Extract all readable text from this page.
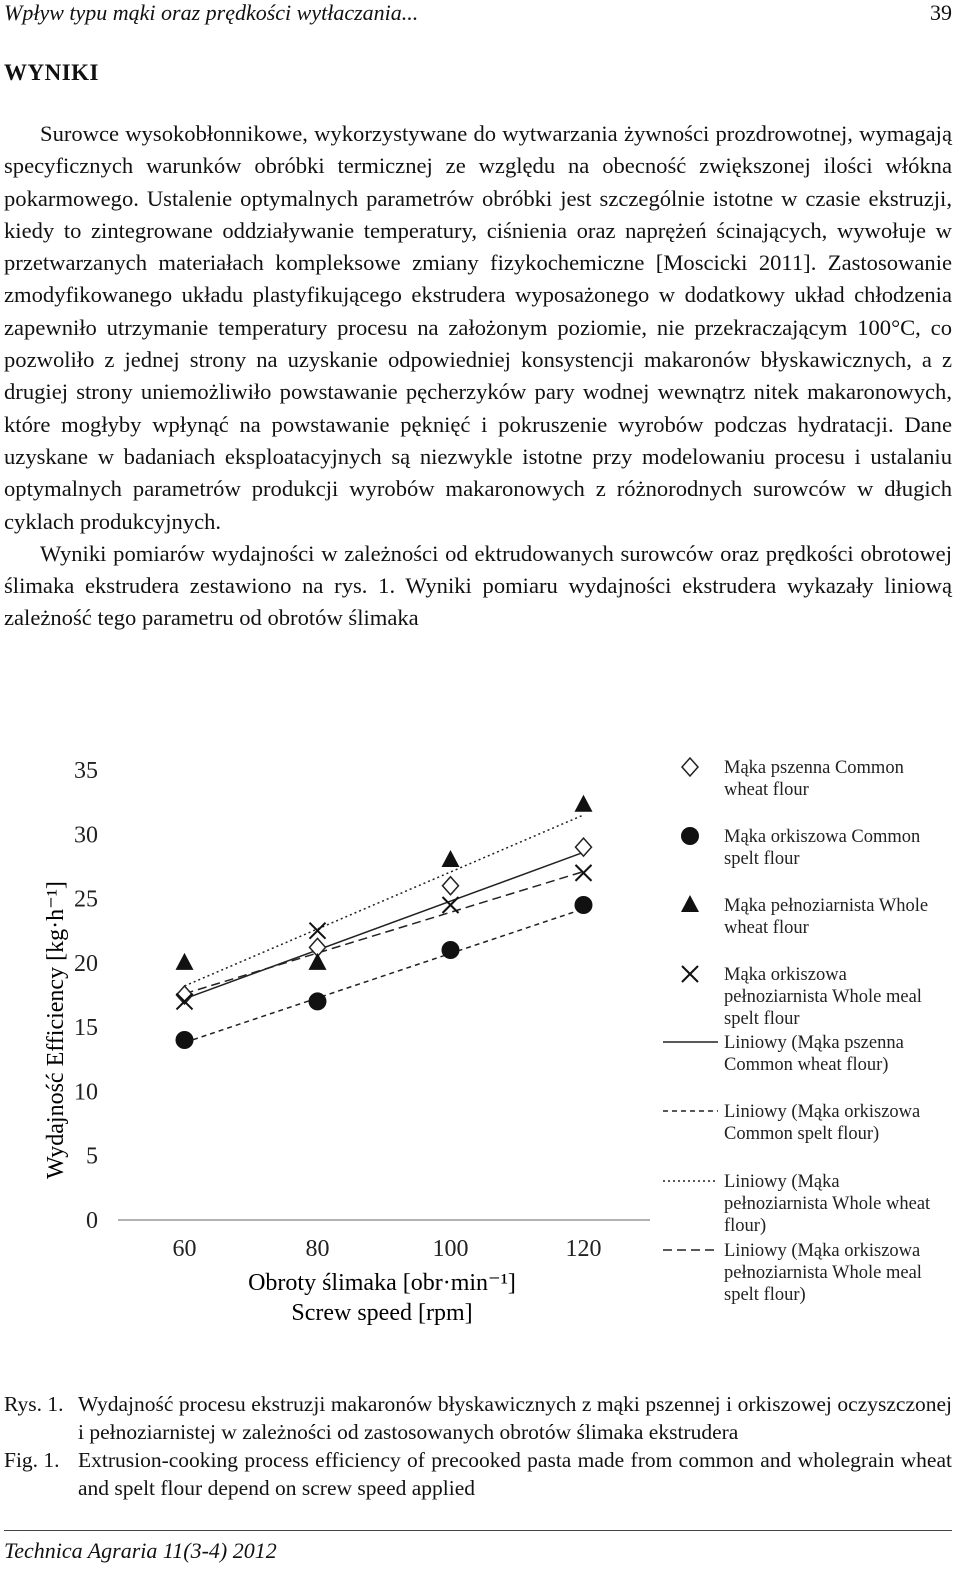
Wpływ typu mąki oraz prędkości wytłaczania...	39
WYNIKI

Surowce wysokobłonnikowe, wykorzystywane do wytwarzania żywności prozdrowotnej, wymagają specyficznych warunków obróbki termicznej ze względu na obecność zwiększonej ilości włókna pokarmowego. Ustalenie optymalnych parametrów obróbki jest szczególnie istotne w czasie ekstruzji, kiedy to zintegrowane oddziaływanie temperatury, ciśnienia oraz naprężeń ścinających, wywołuje w przetwarzanych materiałach kompleksowe zmiany fizykochemiczne [Moscicki 2011]. Zastosowanie zmodyfikowanego układu plastyfikującego ekstrudera wyposażonego w dodatkowy układ chłodzenia zapewniło utrzymanie temperatury procesu na założonym poziomie, nie przekraczającym 100°C, co pozwoliło z jednej strony na uzyskanie odpowiedniej konsystencji makaronów błyskawicznych, a z drugiej strony uniemożliwiło powstawanie pęcherzyków pary wodnej wewnątrz nitek makaronowych, które mogłyby wpłynąć na powstawanie pęknięć i pokruszenie wyrobów podczas hydratacji. Dane uzyskane w badaniach eksploatacyjnych są niezwykle istotne przy modelowaniu procesu i ustalaniu optymalnych parametrów produkcji wyrobów makaronowych z różnorodnych surowców w długich cyklach produkcyjnych.

Wyniki pomiarów wydajności w zależności od ektrudowanych surowców oraz prędkości obrotowej ślimaka ekstrudera zestawiono na rys. 1. Wyniki pomiaru wydajności ekstrudera wykazały liniową zależność tego parametru od obrotów ślimaka

0
5
10
15
20
25
30
35
60	80	100	120
Mąka pszenna Common
wheat flour
Mąka orkiszowa Common
spelt flour
Mąka pełnoziarnista Whole
wheat flour
Mąka orkiszowa
pełnoziarnista Whole meal
spelt flour
Liniowy (Mąka pszenna
Common wheat flour)
Liniowy (Mąka orkiszowa
Common spelt flour)
Liniowy (Mąka
pełnoziarnista Whole wheat
flour)
Liniowy (Mąka orkiszowa
pełnoziarnista Whole meal
spelt flour)
Wydajność Efficiency [kg·h⁻¹]
Obroty ślimaka [obr·min⁻¹]
Screw speed [rpm]
Rys. 1. Wydajność procesu ekstruzji makaronów błyskawicznych z mąki pszennej i orkiszowej oczyszczonej i pełnoziarnistej w zależności od zastosowanych obrotów ślimaka ekstrudera
Fig. 1. Extrusion-cooking process efficiency of precooked pasta made from common and wholegrain wheat and spelt flour depend on screw speed applied
Technica Agraria 11(3-4) 2012
